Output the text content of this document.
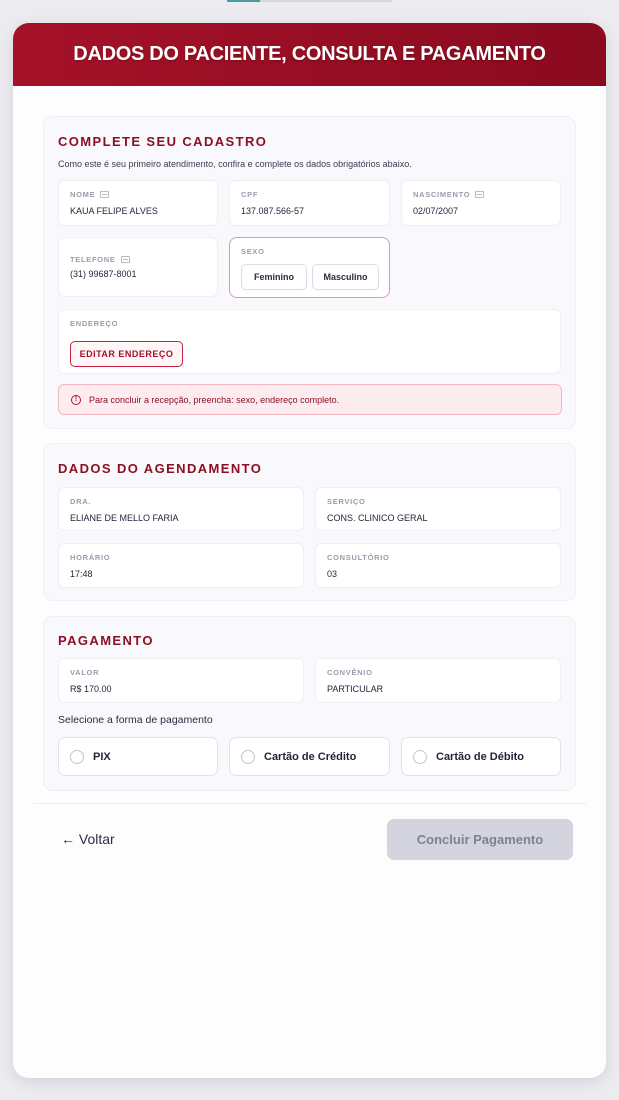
DADOS DO PACIENTE, CONSULTA E PAGAMENTO
COMPLETE SEU CADASTRO
Como este é seu primeiro atendimento, confira e complete os dados obrigatórios abaixo.
NOME
KAUA FELIPE ALVES
CPF
137.087.566-57
NASCIMENTO
02/07/2007
TELEFONE
(31) 99687-8001
SEXO
Feminino	Masculino
ENDEREÇO
EDITAR ENDEREÇO
!	Para concluir a recepção, preencha: sexo, endereço completo.
DADOS DO AGENDAMENTO
DRA.
ELIANE DE MELLO FARIA
SERVIÇO
CONS. CLINICO GERAL
HORÁRIO
17:48
CONSULTÓRIO
03
PAGAMENTO
VALOR
R$ 170.00
CONVÊNIO
PARTICULAR
Selecione a forma de pagamento
PIX	Cartão de Crédito	Cartão de Débito
← Voltar	Concluir Pagamento
